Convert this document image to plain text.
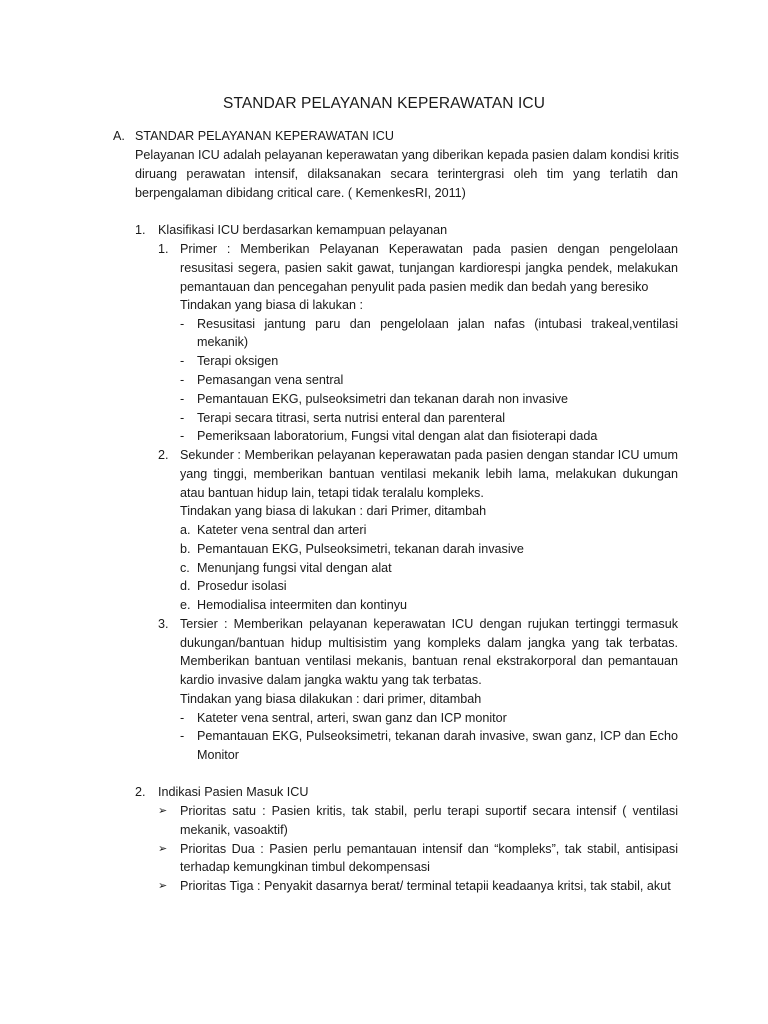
STANDAR PELAYANAN KEPERAWATAN ICU
A. STANDAR PELAYANAN KEPERAWATAN ICU
Pelayanan ICU adalah pelayanan keperawatan yang diberikan kepada pasien dalam kondisi kritis
diruang perawatan intensif, dilaksanakan secara terintergrasi oleh tim yang terlatih dan
berpengalaman dibidang critical care. ( KemenkesRI, 2011)
1. Klasifikasi ICU berdasarkan kemampuan pelayanan
1. Primer : Memberikan Pelayanan Keperawatan pada pasien dengan pengelolaan
resusitasi segera, pasien sakit gawat, tunjangan kardiorespi jangka pendek, melakukan
pemantauan dan pencegahan penyulit pada pasien medik dan bedah yang beresiko
Tindakan yang biasa di lakukan :
- Resusitasi jantung paru dan pengelolaan jalan nafas (intubasi trakeal,ventilasi
mekanik)
- Terapi oksigen
- Pemasangan vena sentral
- Pemantauan EKG, pulseoksimetri dan tekanan darah non invasive
- Terapi secara titrasi, serta nutrisi enteral dan parenteral
- Pemeriksaan laboratorium, Fungsi vital dengan alat dan fisioterapi dada
2. Sekunder : Memberikan pelayanan keperawatan pada pasien dengan standar ICU umum
yang tinggi, memberikan bantuan ventilasi mekanik lebih lama, melakukan dukungan
atau bantuan hidup lain, tetapi tidak teralalu kompleks.
Tindakan yang biasa di lakukan : dari Primer, ditambah
a. Kateter vena sentral dan arteri
b. Pemantauan EKG, Pulseoksimetri, tekanan darah invasive
c. Menunjang fungsi vital dengan alat
d. Prosedur isolasi
e. Hemodialisa inteermiten dan kontinyu
3. Tersier : Memberikan pelayanan keperawatan ICU dengan rujukan tertinggi termasuk
dukungan/bantuan hidup multisistim yang kompleks dalam jangka yang tak terbatas.
Memberikan bantuan ventilasi mekanis, bantuan renal ekstrakorporal dan pemantauan
kardio invasive dalam jangka waktu yang tak terbatas.
Tindakan yang biasa dilakukan : dari primer, ditambah
- Kateter vena sentral, arteri, swan ganz dan ICP monitor
- Pemantauan EKG, Pulseoksimetri, tekanan darah invasive, swan ganz, ICP dan Echo
Monitor
2. Indikasi Pasien Masuk ICU
➢ Prioritas satu : Pasien kritis, tak stabil, perlu terapi suportif secara intensif ( ventilasi
mekanik, vasoaktif)
➢ Prioritas Dua : Pasien perlu pemantauan intensif dan “kompleks”, tak stabil, antisipasi
terhadap kemungkinan timbul dekompensasi
➢ Prioritas Tiga : Penyakit dasarnya berat/ terminal tetapii keadaanya kritsi, tak stabil, akut
